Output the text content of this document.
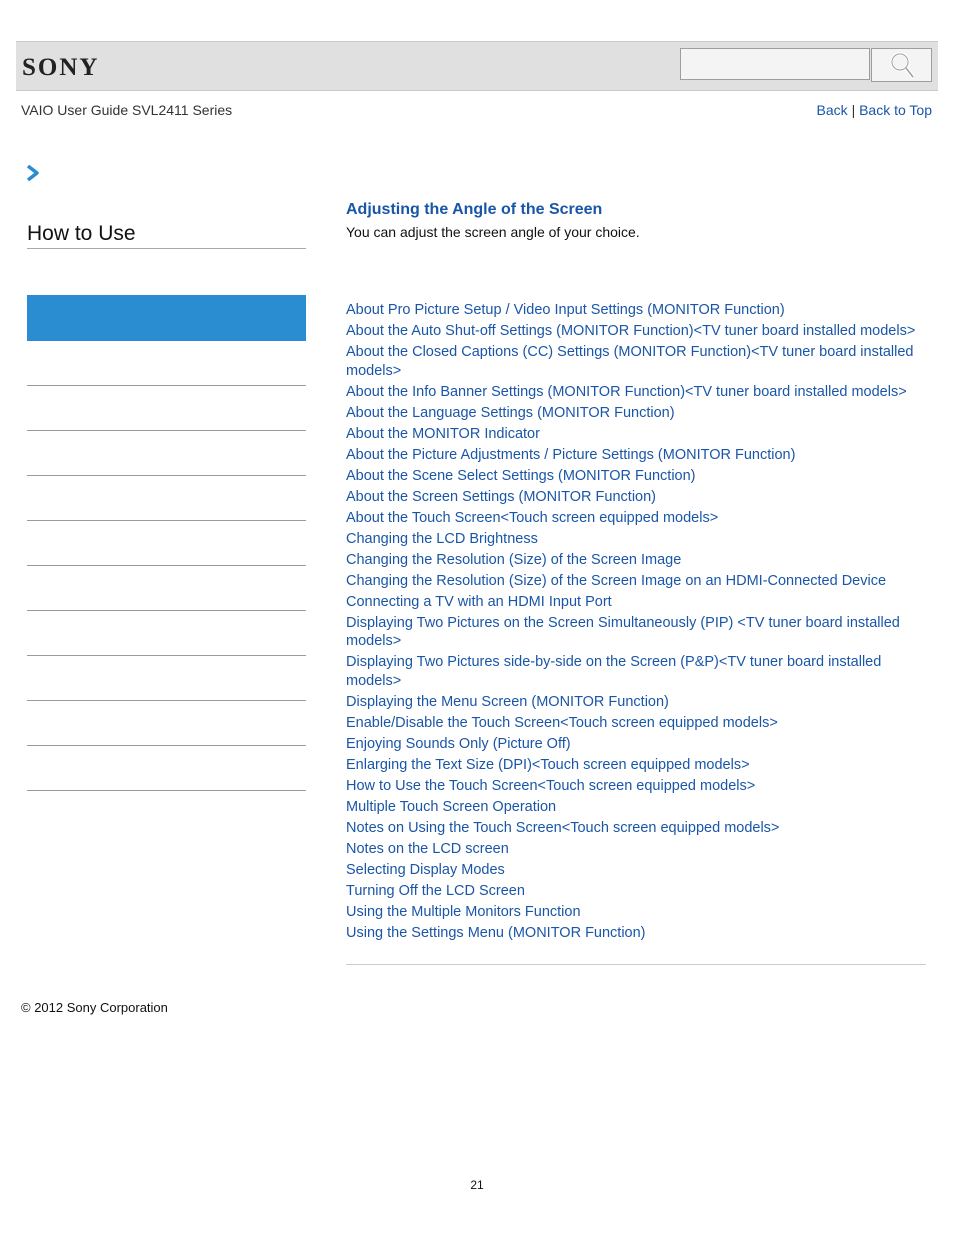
SONY
VAIO User Guide SVL2411 Series	Back | Back to Top
How to Use
Adjusting the Angle of the Screen
You can adjust the screen angle of your choice.
About Pro Picture Setup / Video Input Settings (MONITOR Function)
About the Auto Shut-off Settings (MONITOR Function)<TV tuner board installed models>
About the Closed Captions (CC) Settings (MONITOR Function)<TV tuner board installed models>
About the Info Banner Settings (MONITOR Function)<TV tuner board installed models>
About the Language Settings (MONITOR Function)
About the MONITOR Indicator
About the Picture Adjustments / Picture Settings (MONITOR Function)
About the Scene Select Settings (MONITOR Function)
About the Screen Settings (MONITOR Function)
About the Touch Screen<Touch screen equipped models>
Changing the LCD Brightness
Changing the Resolution (Size) of the Screen Image
Changing the Resolution (Size) of the Screen Image on an HDMI-Connected Device
Connecting a TV with an HDMI Input Port
Displaying Two Pictures on the Screen Simultaneously (PIP) <TV tuner board installed models>
Displaying Two Pictures side-by-side on the Screen (P&P)<TV tuner board installed models>
Displaying the Menu Screen (MONITOR Function)
Enable/Disable the Touch Screen<Touch screen equipped models>
Enjoying Sounds Only (Picture Off)
Enlarging the Text Size (DPI)<Touch screen equipped models>
How to Use the Touch Screen<Touch screen equipped models>
Multiple Touch Screen Operation
Notes on Using the Touch Screen<Touch screen equipped models>
Notes on the LCD screen
Selecting Display Modes
Turning Off the LCD Screen
Using the Multiple Monitors Function
Using the Settings Menu (MONITOR Function)
© 2012 Sony Corporation
21
